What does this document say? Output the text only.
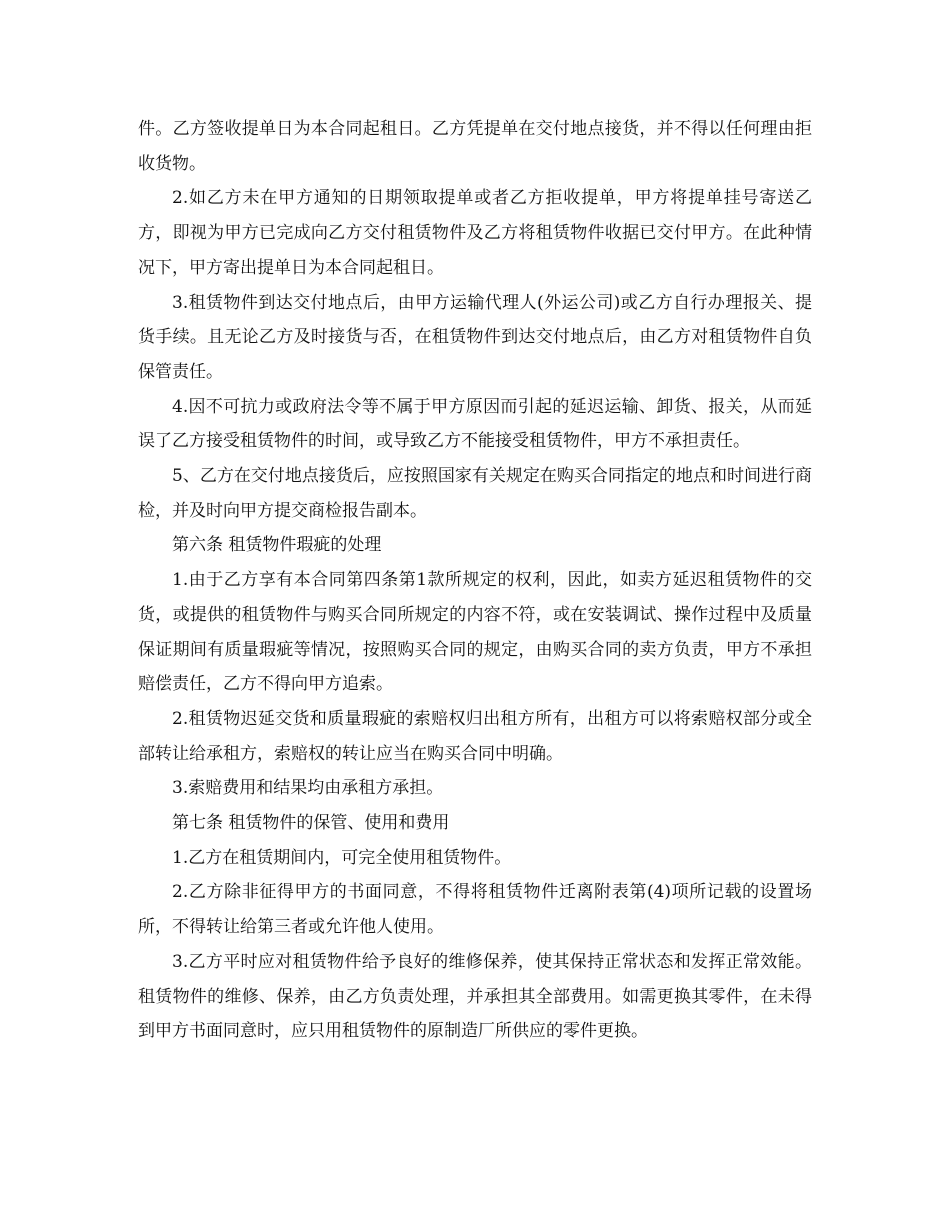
件。乙方签收提单日为本合同起租日。乙方凭提单在交付地点接货，并不得以任何理由拒收货物。

2.如乙方未在甲方通知的日期领取提单或者乙方拒收提单，甲方将提单挂号寄送乙方，即视为甲方已完成向乙方交付租赁物件及乙方将租赁物件收据已交付甲方。在此种情况下，甲方寄出提单日为本合同起租日。

3.租赁物件到达交付地点后，由甲方运输代理人(外运公司)或乙方自行办理报关、提货手续。且无论乙方及时接货与否，在租赁物件到达交付地点后，由乙方对租赁物件自负保管责任。

4.因不可抗力或政府法令等不属于甲方原因而引起的延迟运输、卸货、报关，从而延误了乙方接受租赁物件的时间，或导致乙方不能接受租赁物件，甲方不承担责任。

5、乙方在交付地点接货后，应按照国家有关规定在购买合同指定的地点和时间进行商检，并及时向甲方提交商检报告副本。

第六条 租赁物件瑕疵的处理

1.由于乙方享有本合同第四条第1款所规定的权利，因此，如卖方延迟租赁物件的交货，或提供的租赁物件与购买合同所规定的内容不符，或在安装调试、操作过程中及质量保证期间有质量瑕疵等情况，按照购买合同的规定，由购买合同的卖方负责，甲方不承担赔偿责任，乙方不得向甲方追索。

2.租赁物迟延交货和质量瑕疵的索赔权归出租方所有，出租方可以将索赔权部分或全部转让给承租方，索赔权的转让应当在购买合同中明确。

3.索赔费用和结果均由承租方承担。

第七条 租赁物件的保管、使用和费用

1.乙方在租赁期间内，可完全使用租赁物件。

2.乙方除非征得甲方的书面同意，不得将租赁物件迁离附表第(4)项所记载的设置场所，不得转让给第三者或允许他人使用。

3.乙方平时应对租赁物件给予良好的维修保养，使其保持正常状态和发挥正常效能。租赁物件的维修、保养，由乙方负责处理，并承担其全部费用。如需更换其零件，在未得到甲方书面同意时，应只用租赁物件的原制造厂所供应的零件更换。
